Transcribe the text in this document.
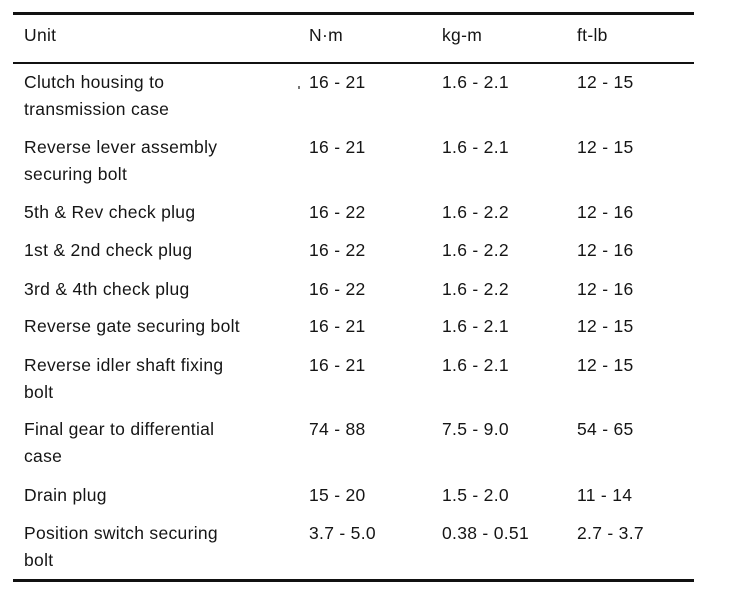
Unit	N·m	kg-m	ft-lb
Clutch housing to
transmission case
16 - 21	1.6 - 2.1	12 - 15
Reverse lever assembly
securing bolt
16 - 21	1.6 - 2.1	12 - 15
5th & Rev check plug	16 - 22	1.6 - 2.2	12 - 16
1st & 2nd check plug	16 - 22	1.6 - 2.2	12 - 16
3rd & 4th check plug	16 - 22	1.6 - 2.2	12 - 16
Reverse gate securing bolt	16 - 21	1.6 - 2.1	12 - 15
Reverse idler shaft fixing
bolt
16 - 21	1.6 - 2.1	12 - 15
Final gear to differential
case
74 - 88	7.5 - 9.0	54 - 65
Drain plug	15 - 20	1.5 - 2.0	11 - 14
Position switch securing
bolt
3.7 - 5.0	0.38 - 0.51	2.7 - 3.7
